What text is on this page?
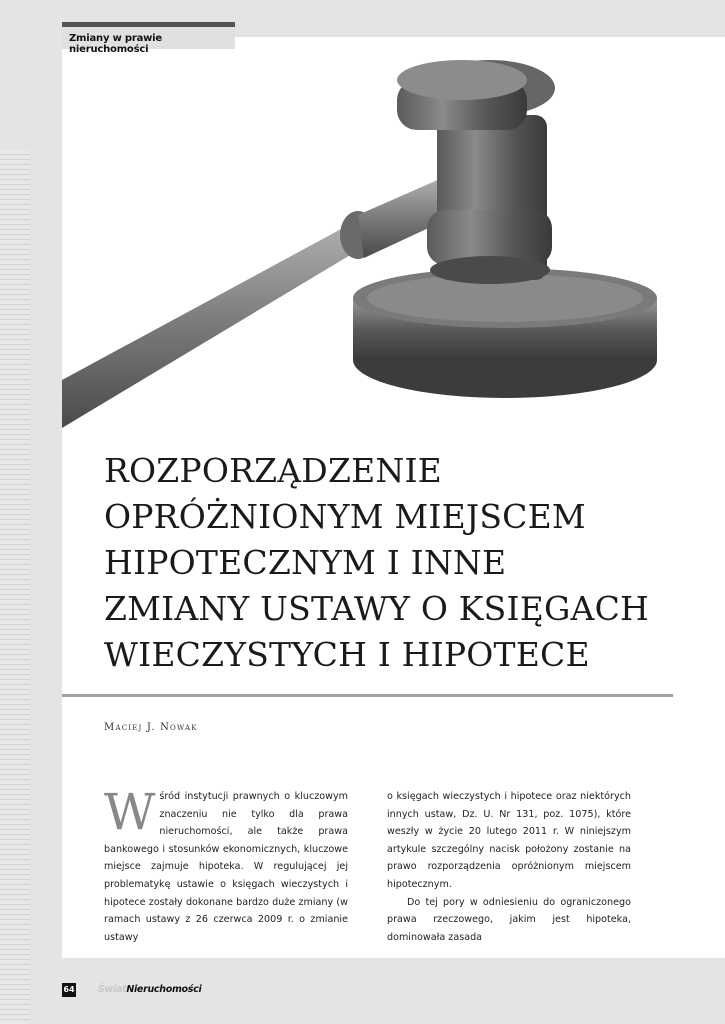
Zmiany w prawie nieruchomości
ROZPORZĄDZENIE
OPRÓŻNIONYM MIEJSCEM
HIPOTECZNYM I INNE
ZMIANY USTAWY O KSIĘGACH
WIECZYSTYCH I HIPOTECE
Maciej J. Nowak

Wśród instytucji prawnych o kluczowym znaczeniu nie tylko dla prawa nieruchomości, ale także prawa bankowego i stosunków ekonomicznych, kluczowe miejsce zajmuje hipoteka. W regulującej jej problematykę ustawie o księgach wieczystych i hipotece zostały dokonane bardzo duże zmiany (w ramach ustawy z 26 czerwca 2009 r. o zmianie ustawy

o księgach wieczystych i hipotece oraz niektórych innych ustaw, Dz. U. Nr 131, poz. 1075), które weszły w życie 20 lutego 2011 r. W niniejszym artykule szczególny nacisk położony zostanie na prawo rozporządzenia opróżnionym miejscem hipotecznym.

Do tej pory w odniesieniu do ograniczonego prawa rzeczowego, jakim jest hipoteka, dominowała zasada

64 ŚwiatNieruchomości
